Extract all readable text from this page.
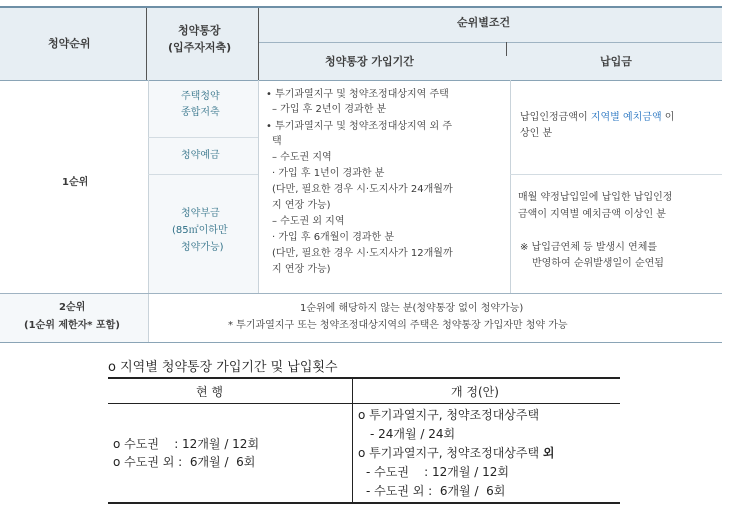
청약순위
청약통장
(입주자저축)
순위별조건
청약통장 가입기간	납입금
1순위
주택청약
종합저축
청약예금
청약부금
(85㎡이하만
청약가능)
• 투기과열지구 및 청약조정대상지역 주택
– 가입 후 2년이 경과한 분
• 투기과열지구 및 청약조정대상지역 외 주
택
– 수도권 지역
· 가입 후 1년이 경과한 분
(다만, 필요한 경우 시·도지사가 24개월까
지 연장 가능)
– 수도권 외 지역
· 가입 후 6개월이 경과한 분
(다만, 필요한 경우 시·도지사가 12개월까
지 연장 가능)
납입인정금액이 지역별 예치금액 이
상인 분
매월 약정납입일에 납입한 납입인정
금액이 지역별 예치금액 이상인 분
※ 납입금연체 등 발생시 연체를
반영하여 순위발생일이 순연됨
2순위
(1순위 제한자* 포함)
1순위에 해당하지 않는 분(청약통장 없이 청약가능)
* 투기과열지구 또는 청약조정대상지역의 주택은 청약통장 가입자만 청약 가능
o 지역별 청약통장 가입기간 및 납입횟수
현 행	개 정(안)
o 수도권    : 12개월 / 12회
o 수도권 외 :  6개월 /  6회
o 투기과열지구, 청약조정대상주택
- 24개월 / 24회
o 투기과열지구, 청약조정대상주택 외
- 수도권    : 12개월 / 12회
- 수도권 외 :  6개월 /  6회
